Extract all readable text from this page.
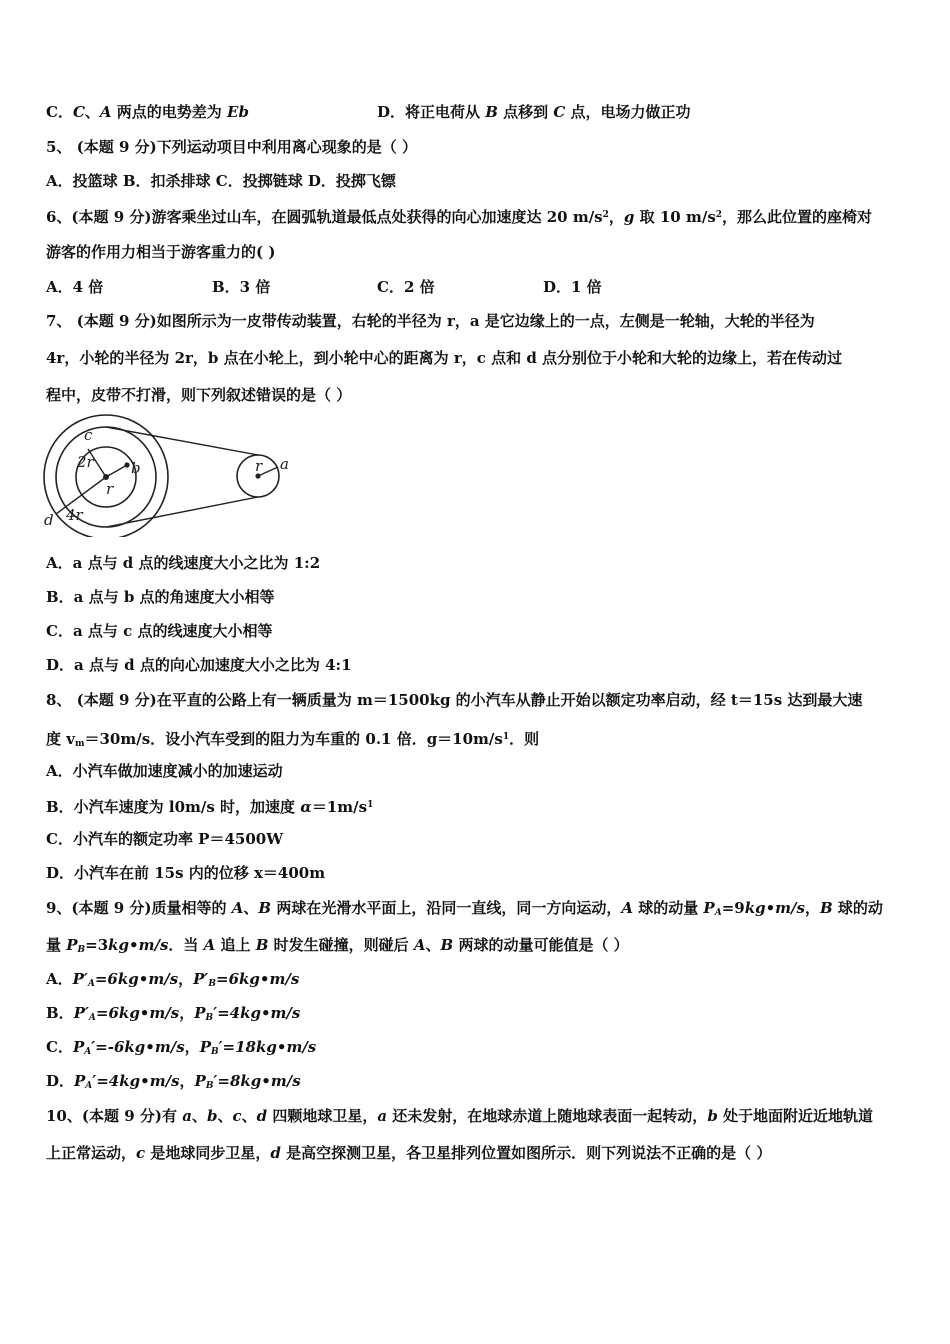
C．C、A 两点的电势差为 Eb	D．将正电荷从 B 点移到 C 点，电场力做正功
5、 (本题 9 分)下列运动项目中利用离心现象的是（ ）
A．投篮球 B．扣杀排球 C．投掷链球 D．投掷飞镖
6、(本题 9 分)游客乘坐过山车，在圆弧轨道最低点处获得的向心加速度达 20 $m/s^2$，g 取 10 $m/s^2$，那么此位置的座椅对
游客的作用力相当于游客重力的( )
A．4 倍	B．3 倍	C．2 倍	D．1 倍
7、 (本题 9 分)如图所示为一皮带传动装置，右轮的半径为 r，a 是它边缘上的一点，左侧是一轮轴，大轮的半径为
4r，小轮的半径为 2r，b 点在小轮上，到小轮中心的距离为 r，c 点和 d 点分别位于小轮和大轮的边缘上，若在传动过
程中，皮带不打滑，则下列叙述错误的是（ ）
c
2r b
r
4r
d
r a
A．a 点与 d 点的线速度大小之比为 1:2
B．a 点与 b 点的角速度大小相等
C．a 点与 c 点的线速度大小相等
D．a 点与 d 点的向心加速度大小之比为 4:1
8、 (本题 9 分)在平直的公路上有一辆质量为 m＝1500kg 的小汽车从静止开始以额定功率启动，经 t＝15s 达到最大速
度 $v_m=30m/s$．设小汽车受到的阻力为车重的 0.1 倍．$g=10m/s^1$．则
A．小汽车做加速度减小的加速运动
B．小汽车速度为 l0m/s 时，加速度 $\alpha=1m/s^1$
C．小汽车的额定功率 P＝4500W
D．小汽车在前 15s 内的位移 x＝400m
9、(本题 9 分)质量相等的 A、B 两球在光滑水平面上，沿同一直线，同一方向运动，A 球的动量 $P_A=9kg•m/s$，B 球的动
量 $P_B=3kg•m/s$．当 A 追上 B 时发生碰撞，则碰后 A、B 两球的动量可能值是（ ）
A．$P'_A=6kg•m/s$，$P'_B=6kg•m/s$
B．$P'_A=6kg•m/s$，$P_B'=4kg•m/s$
C．$P_A'=-6kg•m/s$，$P_B'=18kg•m/s$
D．$P_A'=4kg•m/s$，$P_B'=8kg•m/s$
10、(本题 9 分)有 a、b、c、d 四颗地球卫星，a 还未发射，在地球赤道上随地球表面一起转动，b 处于地面附近近地轨道
上正常运动，c 是地球同步卫星，d 是高空探测卫星，各卫星排列位置如图所示．则下列说法不正确的是（ ）
